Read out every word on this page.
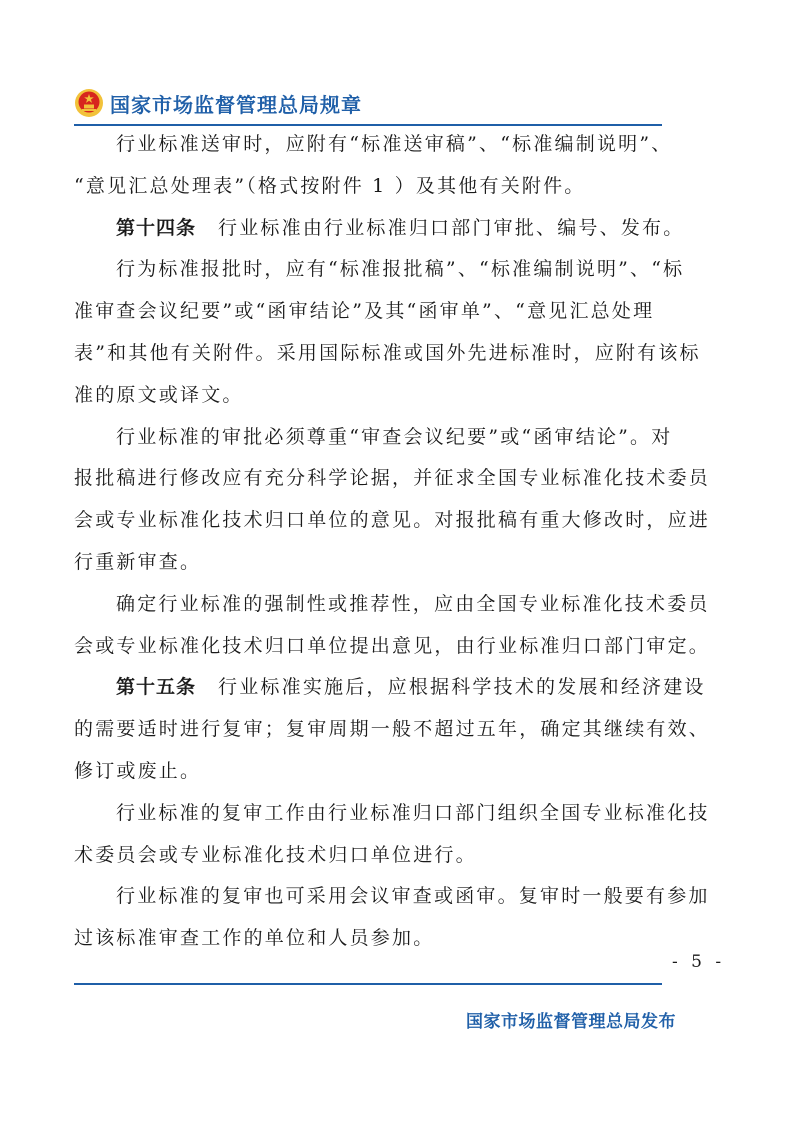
国家市场监督管理总局规章

行业标准送审时，应附有“标准送审稿”、“标准编制说明”、

“意见汇总处理表”（格式按附件 1 ）及其他有关附件。

第十四条 行业标准由行业标准归口部门审批、编号、发布。

行为标准报批时，应有“标准报批稿”、“标准编制说明”、“标

准审查会议纪要”或“函审结论”及其“函审单”、“意见汇总处理

表”和其他有关附件。采用国际标准或国外先进标准时，应附有该标

准的原文或译文。

行业标准的审批必须尊重“审查会议纪要”或“函审结论”。对

报批稿进行修改应有充分科学论据，并征求全国专业标准化技术委员

会或专业标准化技术归口单位的意见。对报批稿有重大修改时，应进

行重新审查。

确定行业标准的强制性或推荐性，应由全国专业标准化技术委员

会或专业标准化技术归口单位提出意见，由行业标准归口部门审定。

第十五条 行业标准实施后，应根据科学技术的发展和经济建设

的需要适时进行复审；复审周期一般不超过五年，确定其继续有效、

修订或废止。

行业标准的复审工作由行业标准归口部门组织全国专业标准化技

术委员会或专业标准化技术归口单位进行。

行业标准的复审也可采用会议审查或函审。复审时一般要有参加

过该标准审查工作的单位和人员参加。

- 5 -
国家市场监督管理总局发布
